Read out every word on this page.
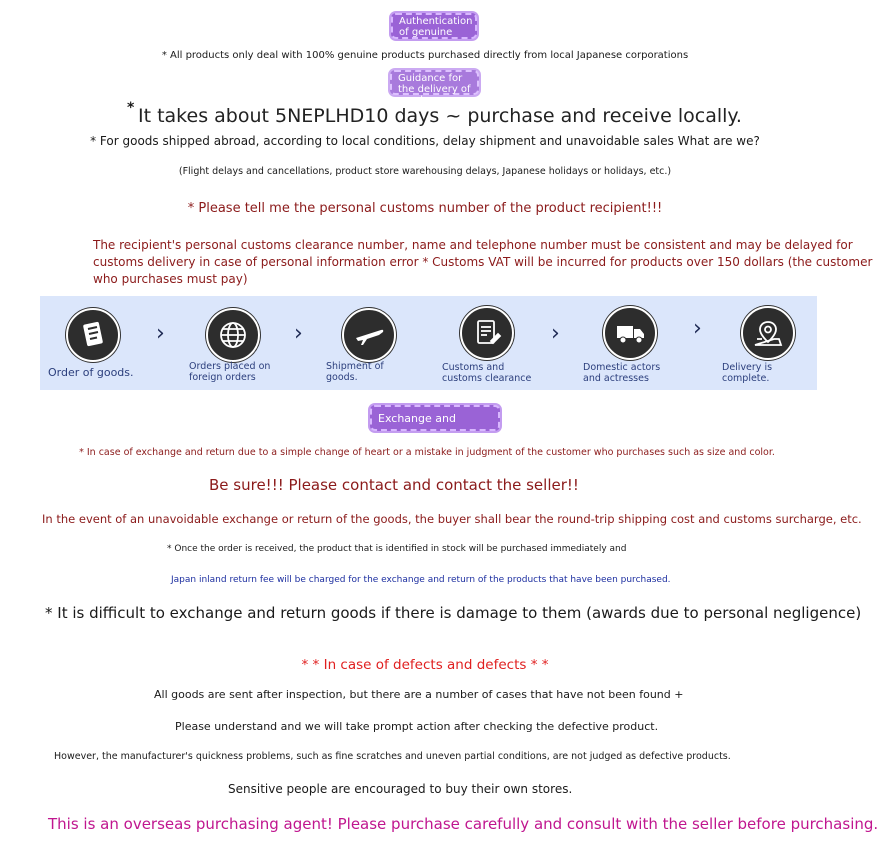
Authentication of genuine
* All products only deal with 100% genuine products purchased directly from local Japanese corporations
Guidance for the delivery of goods
* It takes about 5NEPLHD10 days ~ purchase and receive locally.
* For goods shipped abroad, according to local conditions, delay shipment and unavoidable sales What are we?
(Flight delays and cancellations, product store warehousing delays, Japanese holidays or holidays, etc.)
* Please tell me the personal customs number of the product recipient!!!
The recipient's personal customs clearance number, name and telephone number must be consistent and may be delayed for
customs delivery in case of personal information error * Customs VAT will be incurred for products over 150 dollars (the customer
who purchases must pay)
Order of goods.
›
Orders placed on
foreign orders
›
Shipment of
goods.
Customs and
customs clearance
›
Domestic actors
and actresses
›
Delivery is
complete.
Exchange and refund
* In case of exchange and return due to a simple change of heart or a mistake in judgment of the customer who purchases such as size and color.
Be sure!!! Please contact and contact the seller!!
In the event of an unavoidable exchange or return of the goods, the buyer shall bear the round-trip shipping cost and customs surcharge, etc.
* Once the order is received, the product that is identified in stock will be purchased immediately and
Japan inland return fee will be charged for the exchange and return of the products that have been purchased.
* It is difficult to exchange and return goods if there is damage to them (awards due to personal negligence)
* * In case of defects and defects * *
All goods are sent after inspection, but there are a number of cases that have not been found +
Please understand and we will take prompt action after checking the defective product.
However, the manufacturer's quickness problems, such as fine scratches and uneven partial conditions, are not judged as defective products.
Sensitive people are encouraged to buy their own stores.
This is an overseas purchasing agent! Please purchase carefully and consult with the seller before purchasing.
